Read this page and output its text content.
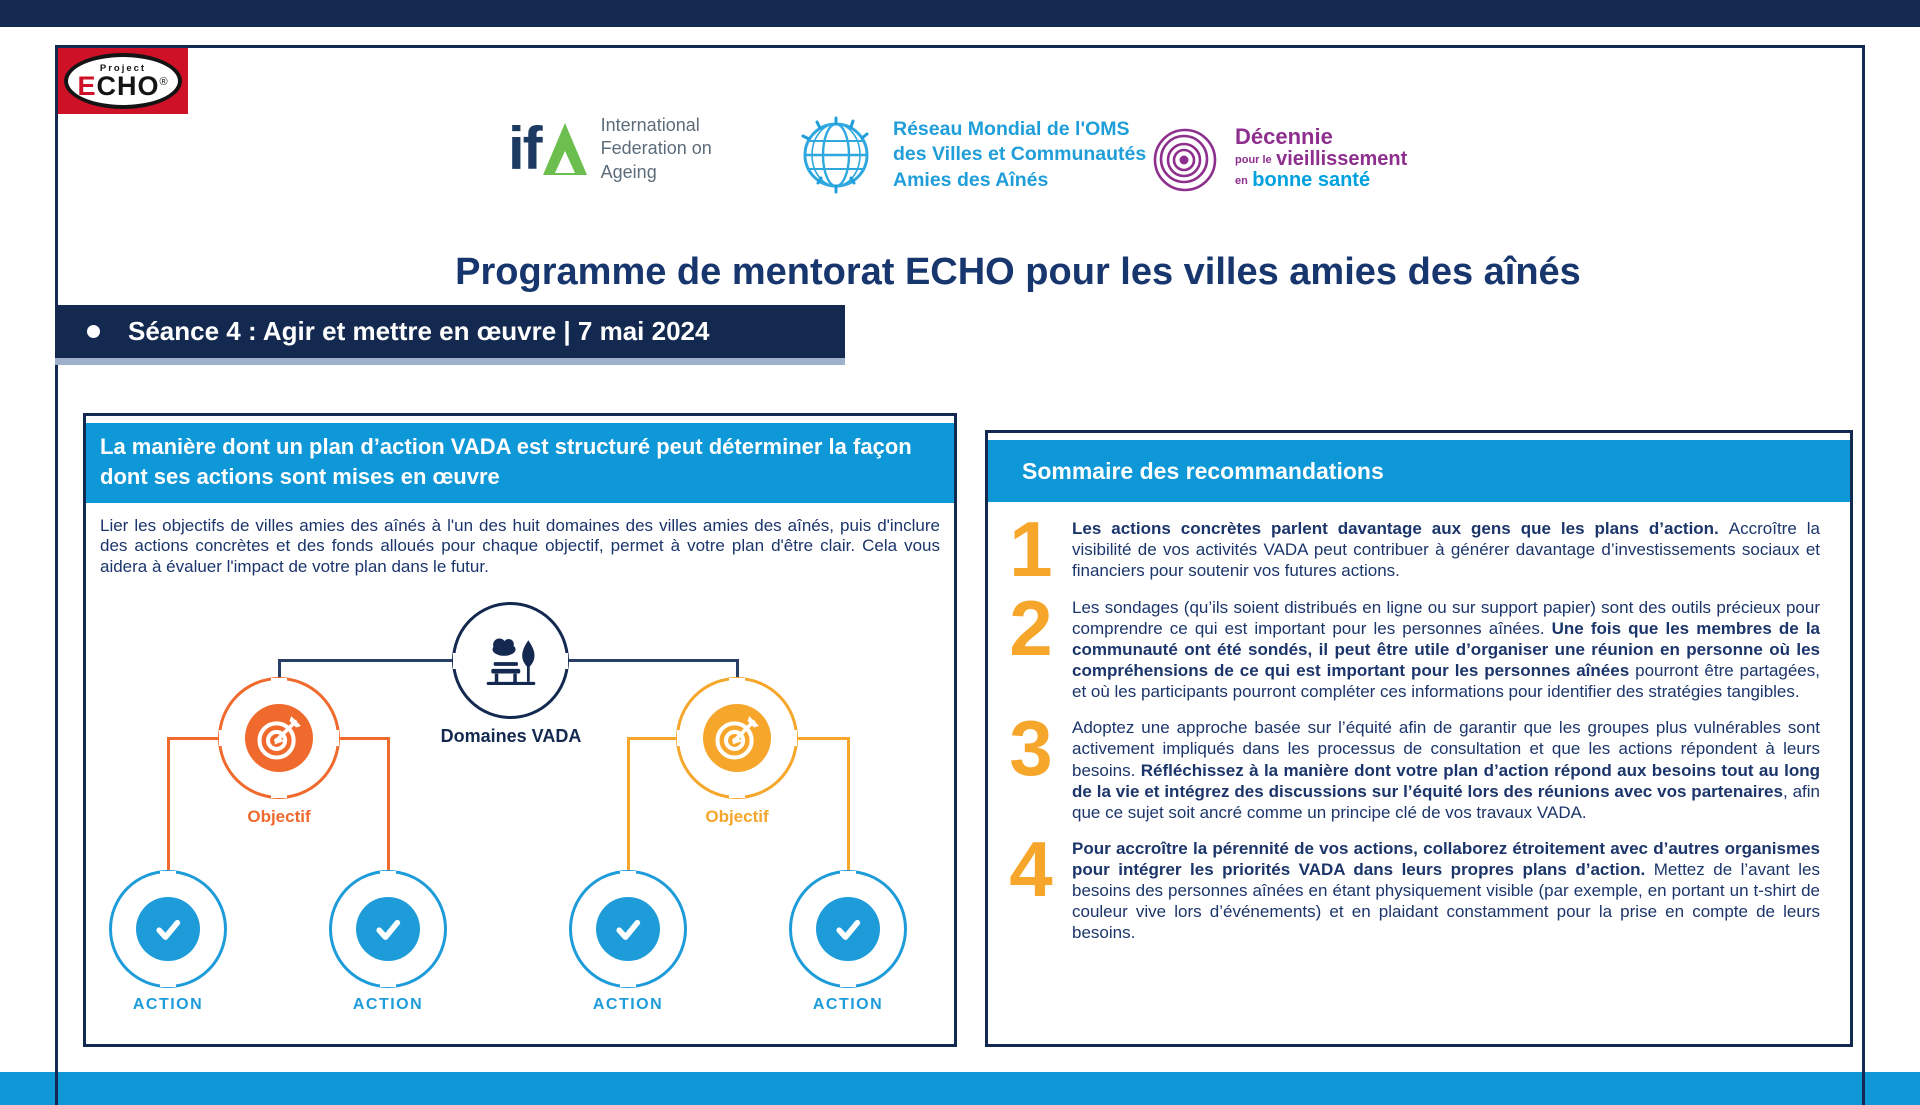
if	International
Federation on
Ageing
Réseau Mondial de l'OMS
des Villes et Communautés
Amies des Aînés
Décennie
pour le vieillissement
en bonne santé
Project
ECHO®
Programme de mentorat ECHO pour les villes amies des aînés
Séance 4 : Agir et mettre en œuvre | 7 mai 2024
La manière dont un plan d’action VADA est structuré peut déterminer la façon dont ses actions sont mises en œuvre
Lier les objectifs de villes amies des aînés à l'un des huit domaines des villes amies des aînés, puis d'inclure des actions concrètes et des fonds alloués pour chaque objectif, permet à votre plan d'être clair. Cela vous aidera à évaluer l'impact de votre plan dans le futur.
Domaines VADA
Objectif	Objectif
ACTION	ACTION	ACTION	ACTION
Sommaire des recommandations
1	Les actions concrètes parlent davantage aux gens que les plans d’action. Accroître la visibilité de vos activités VADA peut contribuer à générer davantage d’investissements sociaux et financiers pour soutenir vos futures actions.
2	Les sondages (qu’ils soient distribués en ligne ou sur support papier) sont des outils précieux pour comprendre ce qui est important pour les personnes aînées. Une fois que les membres de la communauté ont été sondés, il peut être utile d’organiser une réunion en personne où les compréhensions de ce qui est important pour les personnes aînées pourront être partagées, et où les participants pourront compléter ces informations pour identifier des stratégies tangibles.
3	Adoptez une approche basée sur l’équité afin de garantir que les groupes plus vulnérables sont activement impliqués dans les processus de consultation et que les actions répondent à leurs besoins. Réfléchissez à la manière dont votre plan d’action répond aux besoins tout au long de la vie et intégrez des discussions sur l’équité lors des réunions avec vos partenaires, afin que ce sujet soit ancré comme un principe clé de vos travaux VADA.
4	Pour accroître la pérennité de vos actions, collaborez étroitement avec d’autres organismes pour intégrer les priorités VADA dans leurs propres plans d’action. Mettez de l’avant les besoins des personnes aînées en étant physiquement visible (par exemple, en portant un t-shirt de couleur vive lors d’événements) et en plaidant constamment pour la prise en compte de leurs besoins.
